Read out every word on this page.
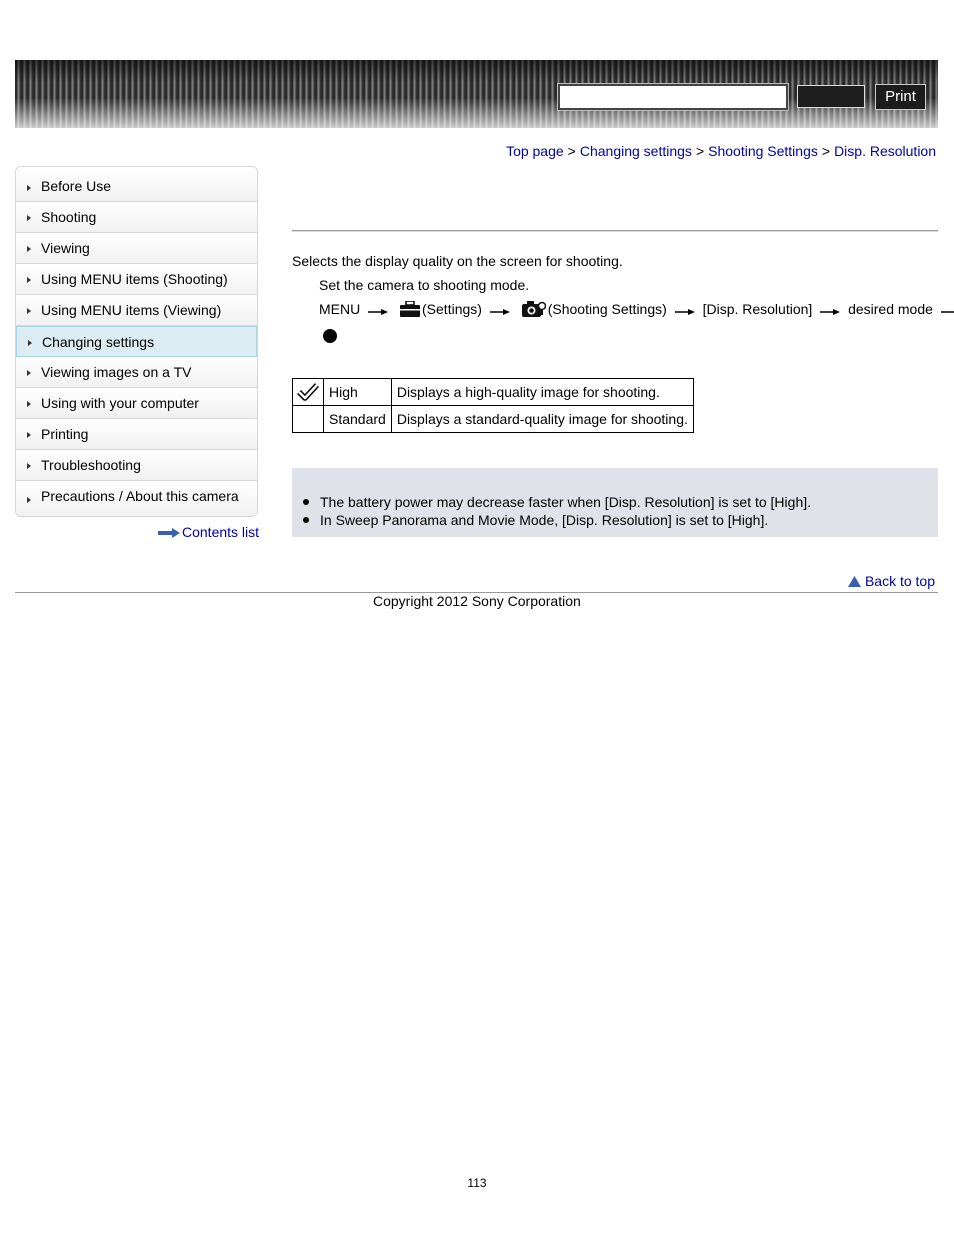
Print
Top page > Changing settings > Shooting Settings > Disp. Resolution
Before Use
Shooting
Viewing
Using MENU items (Shooting)
Using MENU items (Viewing)
Changing settings
Viewing images on a TV
Using with your computer
Printing
Troubleshooting
Precautions / About this camera
Contents list
Selects the display quality on the screen for shooting.
Set the camera to shooting mode.
MENU	(Settings)	(Shooting Settings)	[Disp. Resolution]	desired mode
	High	Displays a high-quality image for shooting.
	Standard	Displays a standard-quality image for shooting.
The battery power may decrease faster when [Disp. Resolution] is set to [High].
In Sweep Panorama and Movie Mode, [Disp. Resolution] is set to [High].
Back to top
Copyright 2012 Sony Corporation
113
